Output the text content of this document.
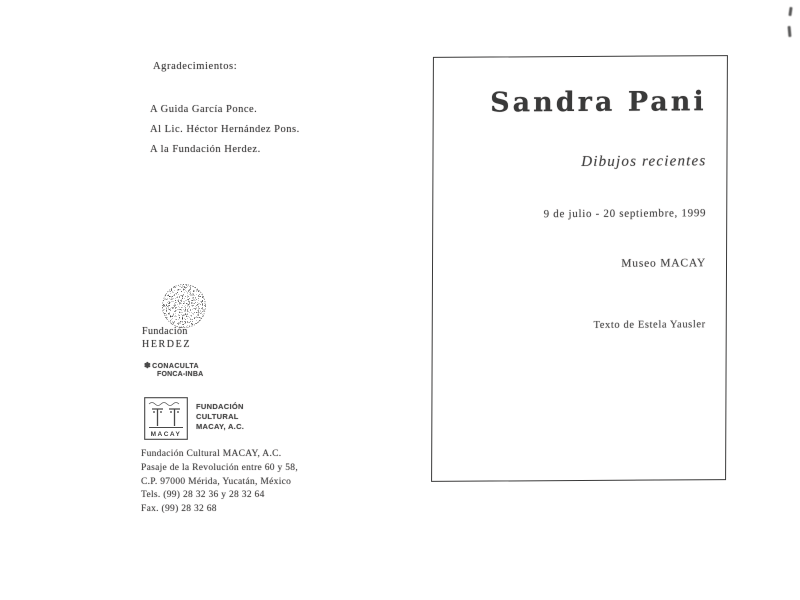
Agradecimientos:
A Guida García Ponce.
Al Lic. Héctor Hernández Pons.
A la Fundación Herdez.
Fundación
HERDEZ
✽CONACULTA
FONCA-INBA
MACAY
FUNDACIÓN
CULTURAL
MACAY, A.C.
Fundación Cultural MACAY, A.C.
Pasaje de la Revolución entre 60 y 58,
C.P. 97000 Mérida, Yucatán, México
Tels. (99) 28 32 36 y 28 32 64
Fax. (99) 28 32 68
Sandra Pani
Dibujos recientes
9 de julio - 20 septiembre, 1999
Museo MACAY
Texto de Estela Yausler
